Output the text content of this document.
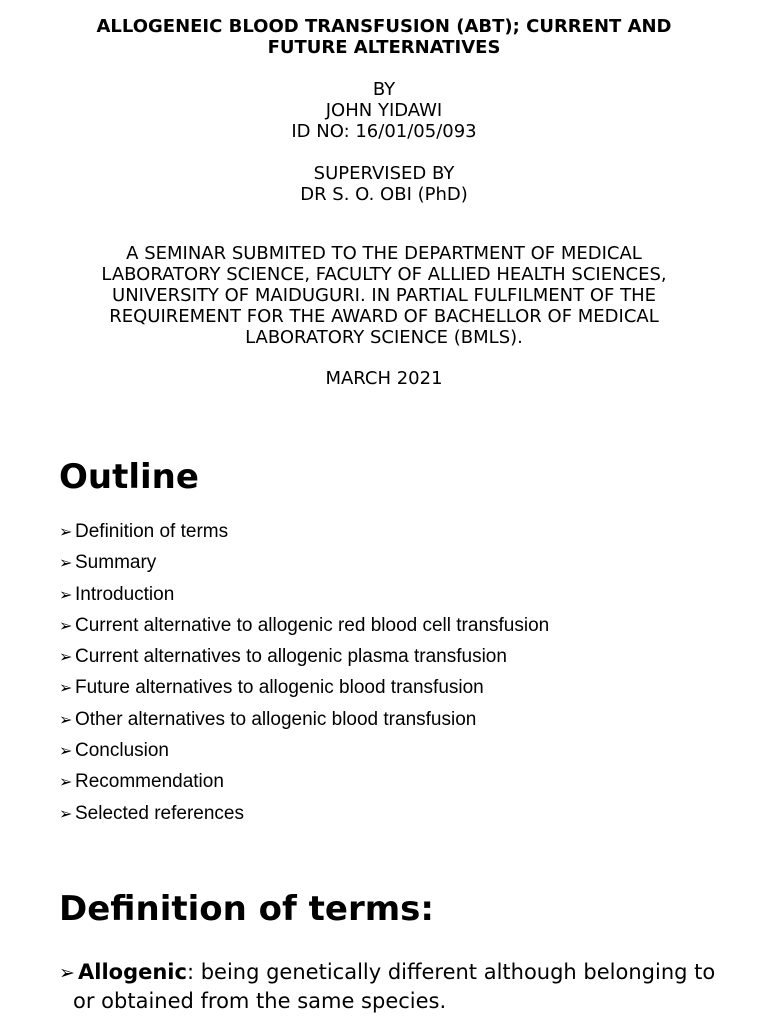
ALLOGENEIC BLOOD TRANSFUSION (ABT); CURRENT AND FUTURE ALTERNATIVES

BY

JOHN YIDAWI

ID NO: 16/01/05/093

SUPERVISED BY

DR S. O. OBI (PhD)

A SEMINAR SUBMITED TO THE DEPARTMENT OF MEDICAL LABORATORY SCIENCE, FACULTY OF ALLIED HEALTH SCIENCES, UNIVERSITY OF MAIDUGURI. IN PARTIAL FULFILMENT OF THE REQUIREMENT FOR THE AWARD OF BACHELLOR OF MEDICAL LABORATORY SCIENCE (BMLS).
MARCH 2021
Outline
➢ Definition of terms
➢ Summary
➢ Introduction
➢ Current alternative to allogenic red blood cell transfusion
➢ Current alternatives to allogenic plasma transfusion
➢ Future alternatives to allogenic blood transfusion
➢ Other alternatives to allogenic blood transfusion
➢ Conclusion
➢ Recommendation
➢ Selected references
Definition of terms:
➢ Allogenic: being genetically different although belonging to or obtained from the same species.
